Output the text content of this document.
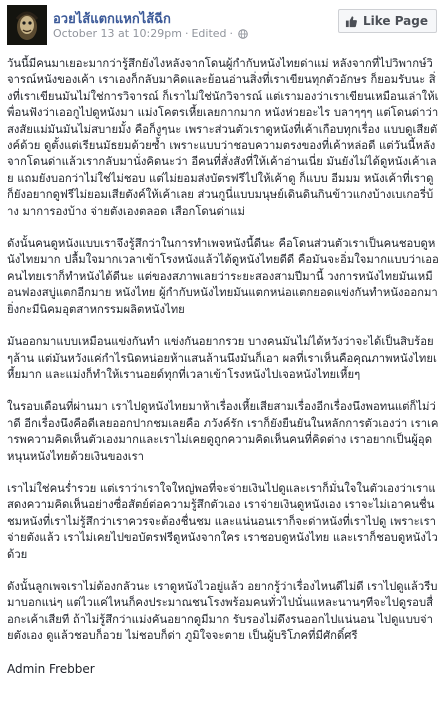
อวยไส้แตกแหกไส้ฉีก
October 13 at 10:29pm · Edited ·
Like Page

วันนี้มีคนมาเยอะมากว่ารู้สึกยังไงหลังจากโดนผู้กำกับหนังไทยด่าแม่ หลังจากที่ไปวิพากษ์วิจารณ์หนังของเค้า เราเองก็กลับมาคิดและย้อนอ่านสิ่งที่เราเขียนทุกตัวอักษร ก็ยอมรับนะ สิ่งที่เราเขียนมันไม่ใช่การวิจารณ์ ก็เราไม่ใช่นักวิจารณ์ แต่เรามองว่าเราเขียนเหมือนเล่าให้เพื่อนฟังว่าเออกูไปดูหนังมา แม่งโคตรเหี้ยเลยกากมาก หนังห่วยอะไร บลาๆๆๆ แต่โดนด่าว่า สงสัยแม่มันมันไม่สบายมั้ง คือก็งูๆนะ เพราะส่วนตัวเราดูหนังที่เค้าเกือบทุกเรื่อง แบบดูเสียตังค์ด้วย ดูตั้งแต่เรียนมัธยมด้วยซ้ำ เพราะแบบว่าชอบความตรงของที่เค้าหล่อดี แต่วันนี้หลังจากโดนด่าแล้วเรากลับมานั่งคิดนะว่า อีคนที่สั่งสังที่ให้เค้าอ่านเนี่ย มันยังไม่ได้ดูหนังเค้าเลย แถมยังบอกว่าไม่ใช่ไม่ชอบ แต่ไม่ยอมส่งบัตรฟรีไปให้เค้าดู ก็แบบ อีมมม หนังเค้าที่เราดูก็ยังอยากดูฟรีไม่ยอมเสียตังค์ให้เค้าเลย ส่วนกูนี่แบบมนุษย์เดินดินกินข้าวแกงบ้างเบเกอรี่บ้าง มาการองบ้าง จ่ายตังเองตลอด เสือกโดนด่าแม่

ดังนั้นคนดูหนังแบบเราจึงรู้สึกว่าในการทำเพจหนังนี้ดีนะ คือโดนส่วนตัวเราเป็นคนชอบดูหนังไทยมาก ปลื้มใจมากเวลาเข้าโรงหนังแล้วได้ดูหนังไทยดีดี คือมันจะอิ่มใจมากแบบว่าเออคนไทยเราก็ทำหนังได้ดีนะ แต่ของสภาพเลยว่าระยะสองสามปีมานี้ วงการหนังไทยมันเหมือนฟองสบู่แตกอีกมาย หนังไทย ผู้กำกับหนังไทยมันแตกหน่อแตกยอดแข่งกันทำหนังออกมายิ่งกะมีนิคมอุตสาหกรรมผลิตหนังไทย

มันออกมาแบบเหมือนแข่งกันทำ แข่งกันอยากรวย บางคนมันไม่ได้หวังว่าจะได้เป็นสิบร้อยๆล้าน แต่มันหวังแค่กำไรนิดหน่อยห้าแสนล้านนึงมันก็เอา ผลที่เราเห็นคือคุณภาพหนังไทยเหี้ยมาก และแม่งก็ทำให้เรานอยด์ทุกที่เวลาเข้าโรงหนังไปเจอหนังไทยเหี้ยๆ

ในรอบเดือนที่ผ่านมา เราไปดูหนังไทยมาห้าเรื่องเหี้ยเสียสามเรื่องอีกเรื่องนึงพอทนแต่ก็ไม่ว่าดี อีกเรื่องนึงคือดีเลยออกปากชมเลยคือ ภวังค์รัก เราก็ยังยืนยันในหลักการตัวเองว่า เราเคารพความคิดเห็นตัวเองมากและเราไม่เคยดูถูกความคิดเห็นคนที่คิดต่าง เราอยากเป็นผู้อุดหนุนหนังไทยด้วยเงินของเรา

เราไม่ใช่คนร่ำรวย แต่เราว่าเราใจใหญ่พอที่จะจ่ายเงินไปดูและเราก็มั่นใจในตัวเองว่าเราแสดงความคิดเห็นอย่างซื่อสัตย์ต่อความรู้สึกตัวเอง เราจ่ายเงินดูหนังเอง เราจะไม่เอาคนชื่นชมหนังที่เราไม่รู้สึกว่าเราควรจะต้องชื่นชม และแน่นอนเราก็จะด่าหนังที่เราไปดู เพราะเราจ่ายตังแล้ว เราไม่เคยไปขอบัตรฟรีดูหนังจากใคร เราชอบดูหนังไทย และเราก็ชอบดูหนังไวด้วย

ดังนั้นลูกเพจเราไม่ต้องกลัวนะ เราดูหนังไวอยู่แล้ว อยากรู้ว่าเรื่องไหนดีไม่ดี เราไปดูแล้วรีบมาบอกแน่ๆ แต่ไวแค่ไหนก็คงประมาณชนโรงพร้อมคนทั่วไปนั่นแหละนานๆทีจะไปดูรอบสื่อกะเค้าเสียที ถ้าไม่รู้สึกว่าแม่งคันอยากดูมีมาก รับรองไม่ดึงรนออกไปแน่นอน ไปดูแบบจ่ายตังเอง ดูแล้วชอบก็อวย ไม่ชอบก็ด่า ภูมิใจจะตาย เป็นผู้บริโภคที่มีศักดิ์ศรี

Admin Frebber
